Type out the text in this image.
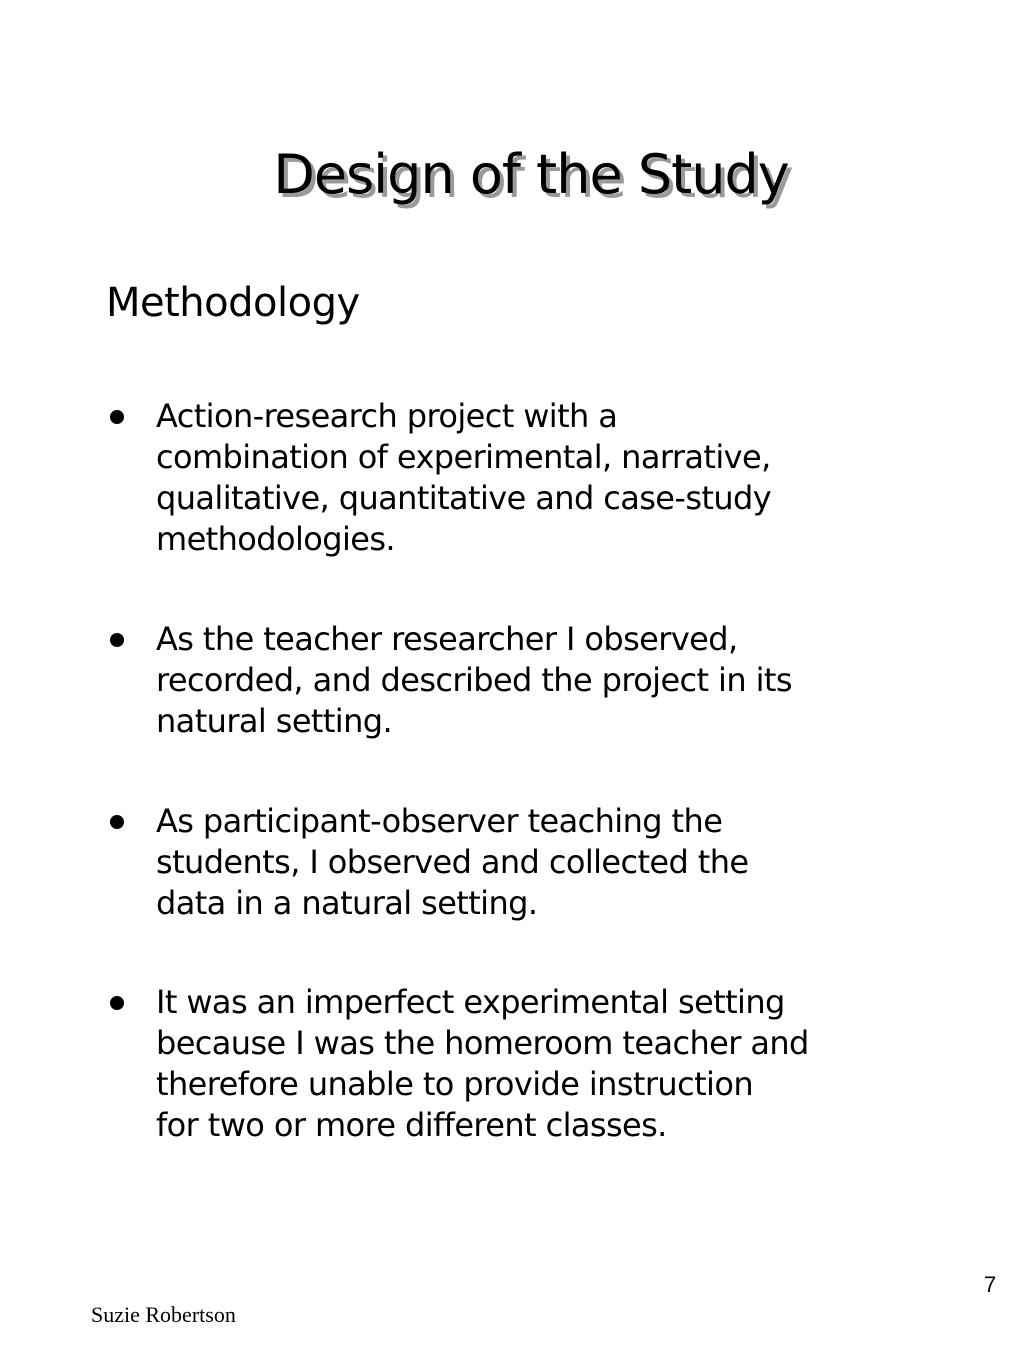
Design of the Study
Methodology
Action-research project with a
combination of experimental, narrative,
qualitative, quantitative and case-study
methodologies.
As the teacher researcher I observed,
recorded, and described the project in its
natural setting.
As participant-observer teaching the
students, I observed and collected the
data in a natural setting.
It was an imperfect experimental setting
because I was the homeroom teacher and
therefore unable to provide instruction
for two or more different classes.
7
Suzie Robertson
